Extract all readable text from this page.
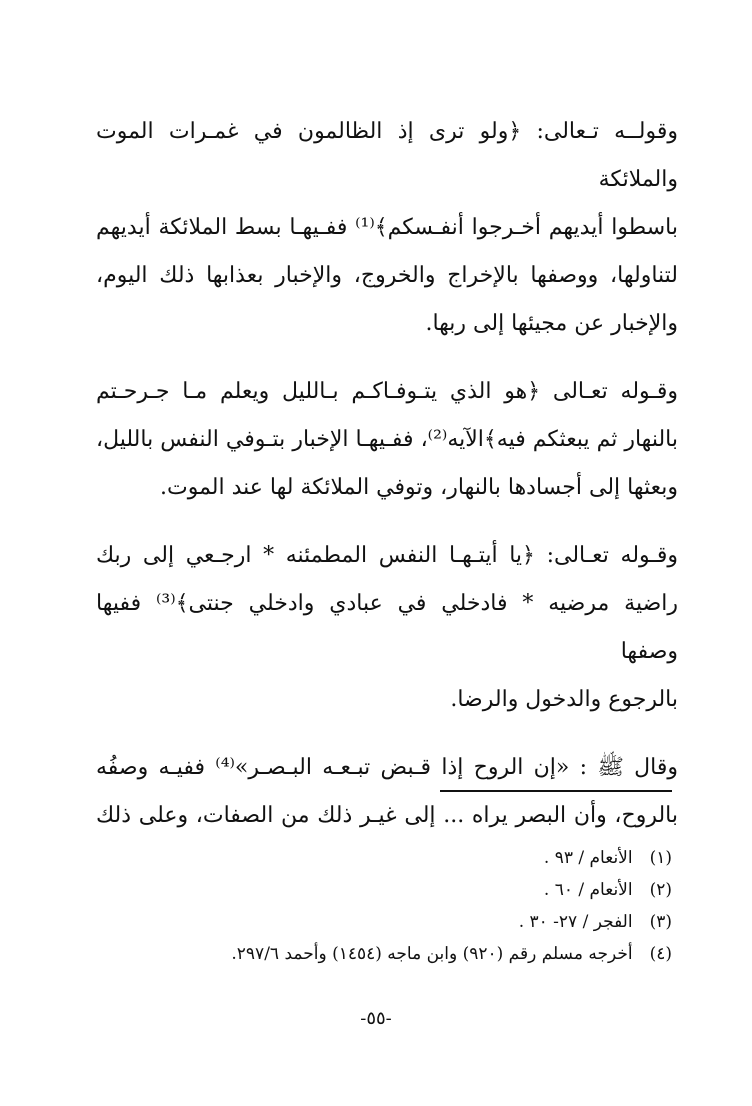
وقولــه تـعالى: ﴿ولو ترى إذ الظالمون في غمـرات الموت والملائكة
باسطوا أيديهم أخـرجوا أنفـسكم﴾⁽¹⁾ ففـيهـا بسط الملائكة أيديهم
لتناولها، ووصفها بالإخراج والخروج، والإخبار بعذابها ذلك اليوم،
والإخبار عن مجيئها إلى ربها.

وقـوله تعـالى ﴿هو الذي يتـوفـاكـم بـالليل ويعلم مـا جـرحـتم
بالنهار ثم يبعثكم فيه﴾الآيه⁽²⁾، ففـيهـا الإخبار بتـوفي النفس بالليل،
وبعثها إلى أجسادها بالنهار، وتوفي الملائكة لها عند الموت.

وقـوله تعـالى: ﴿يا أيتـهـا النفس المطمئنه * ارجـعي إلى ربك
راضية مرضيه * فادخلي في عبادي وادخلي جنتى﴾⁽³⁾ ففيها وصفها
بالرجوع والدخول والرضا.

وقال ﷺ : «إن الروح إذا قـبض تبـعـه البـصـر»⁽⁴⁾ ففيـه وصفُه
بالروح، وأن البصر يراه ... إلى غيـر ذلك من الصفات، وعلى ذلك

(١) الأنعام / ٩٣ .
(٢) الأنعام / ٦٠ .
(٣) الفجر / ٢٧- ٣٠ .
(٤) أخرجه مسلم رقم (٩٢٠) وابن ماجه (١٤٥٤) وأحمد ٢٩٧/٦.
-٥٥-
